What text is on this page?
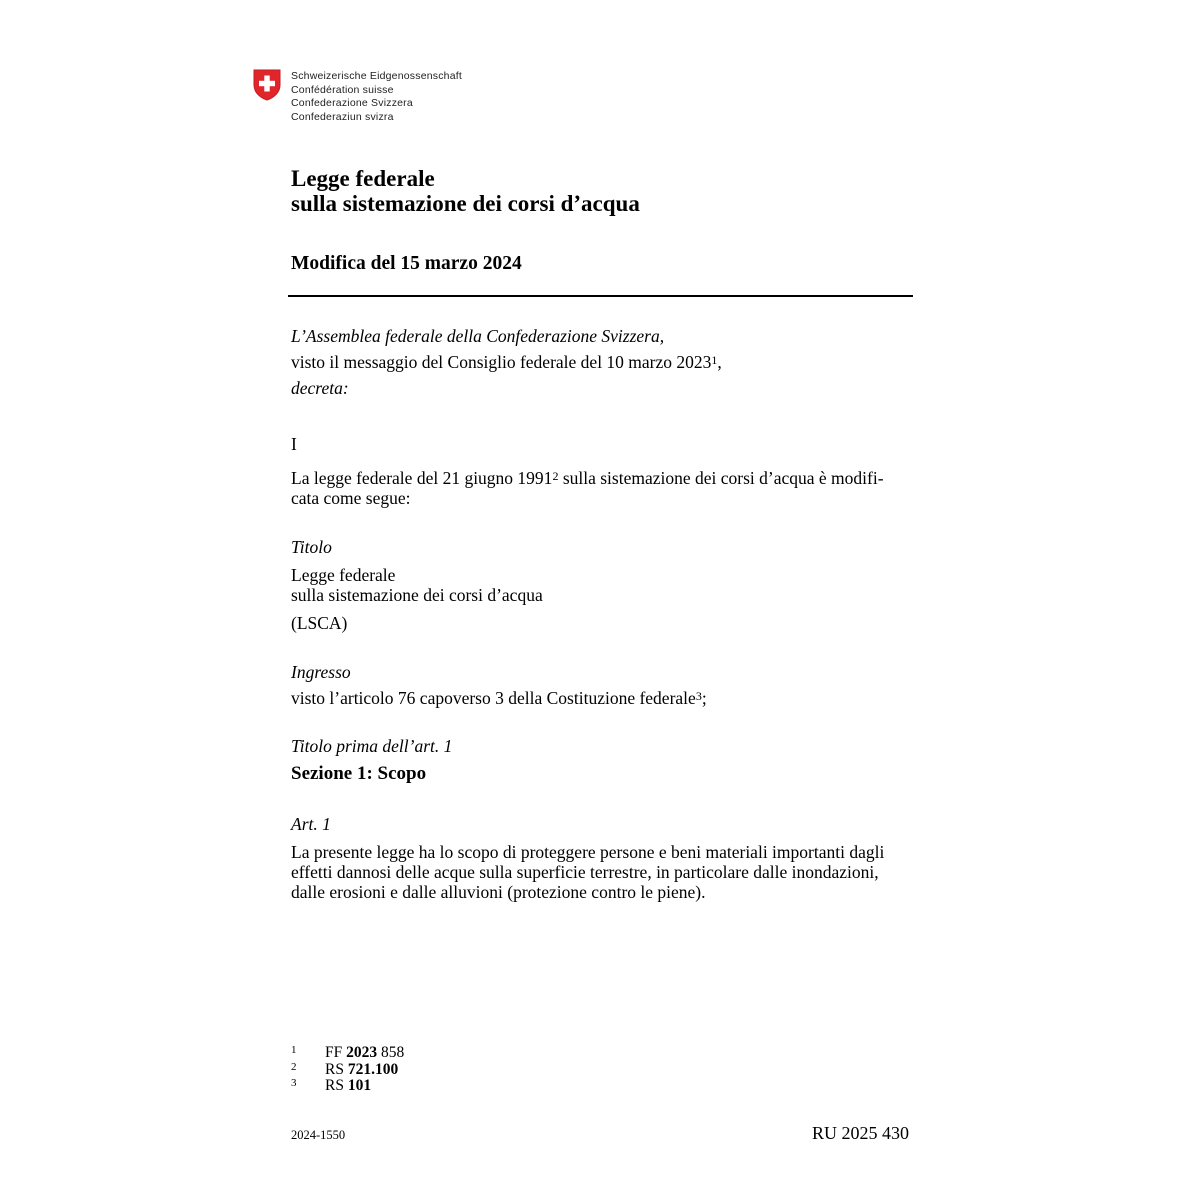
Schweizerische Eidgenossenschaft
Confédération suisse
Confederazione Svizzera
Confederaziun svizra
Legge federale
sulla sistemazione dei corsi d’acqua
Modifica del 15 marzo 2024
L’Assemblea federale della Confederazione Svizzera,
visto il messaggio del Consiglio federale del 10 marzo 2023$^1$,
decreta:
I
La legge federale del 21 giugno 1991$^2$ sulla sistemazione dei corsi d’acqua è modifi-
cata come segue:
Titolo
Legge federale
sulla sistemazione dei corsi d’acqua
(LSCA)
Ingresso
visto l’articolo 76 capoverso 3 della Costituzione federale$^3$;
Titolo prima dell’art. 1
Sezione 1: Scopo
Art. 1
La presente legge ha lo scopo di proteggere persone e beni materiali importanti dagli
effetti dannosi delle acque sulla superficie terrestre, in particolare dalle inondazioni,
dalle erosioni e dalle alluvioni (protezione contro le piene).
1 FF 2023 858
2 RS 721.100
3 RS 101
2024-1550	RU 2025 430
